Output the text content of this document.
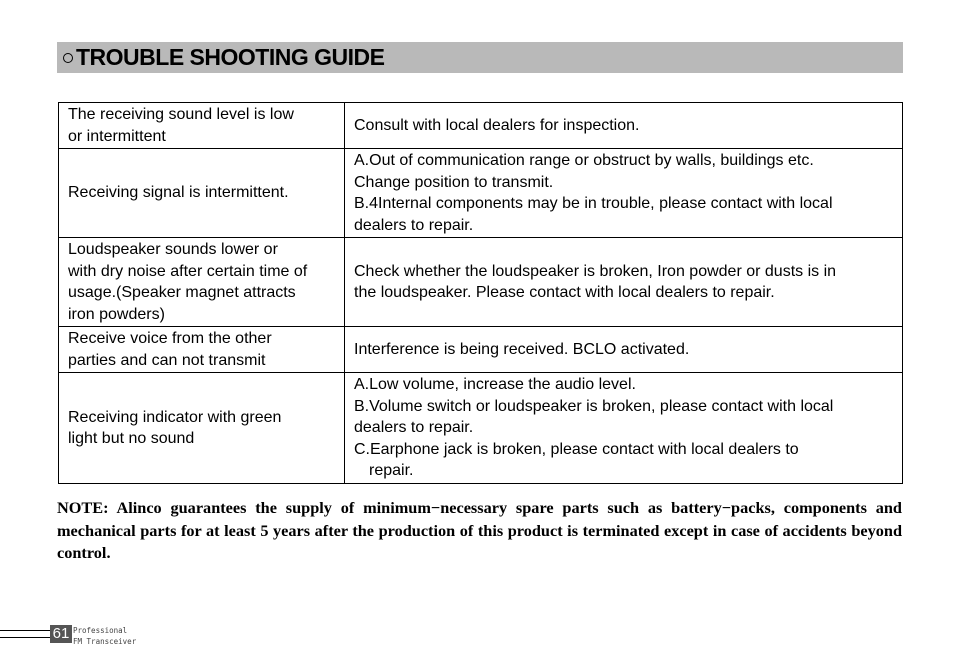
TROUBLE SHOOTING GUIDE
The receiving sound level is low
or intermittent	Consult with local dealers for inspection.

Receiving signal is intermittent.	A.Out of communication range or obstruct by walls, buildings etc.
Change position to transmit.
B.4Internal components may be in trouble, please contact with local
dealers to repair.

Loudspeaker sounds lower or
with dry noise after certain time of
usage.(Speaker magnet attracts
iron powders)	Check whether the loudspeaker is broken, Iron powder or dusts is in
the loudspeaker. Please contact with local dealers to repair.

Receive voice from the other
parties and can not transmit	Interference is being received. BCLO activated.

Receiving indicator with green
light but no sound	A.Low volume, increase the audio level.
B.Volume switch or loudspeaker is broken, please contact with local
dealers to repair.
C.Earphone jack is broken, please contact with local dealers to
repair.
NOTE: Alinco guarantees the supply of minimum−necessary spare parts such as battery−packs, components and mechanical parts for at least 5 years after the production of this product is terminated except in case of accidents beyond control.
61 Professional
FM Transceiver
